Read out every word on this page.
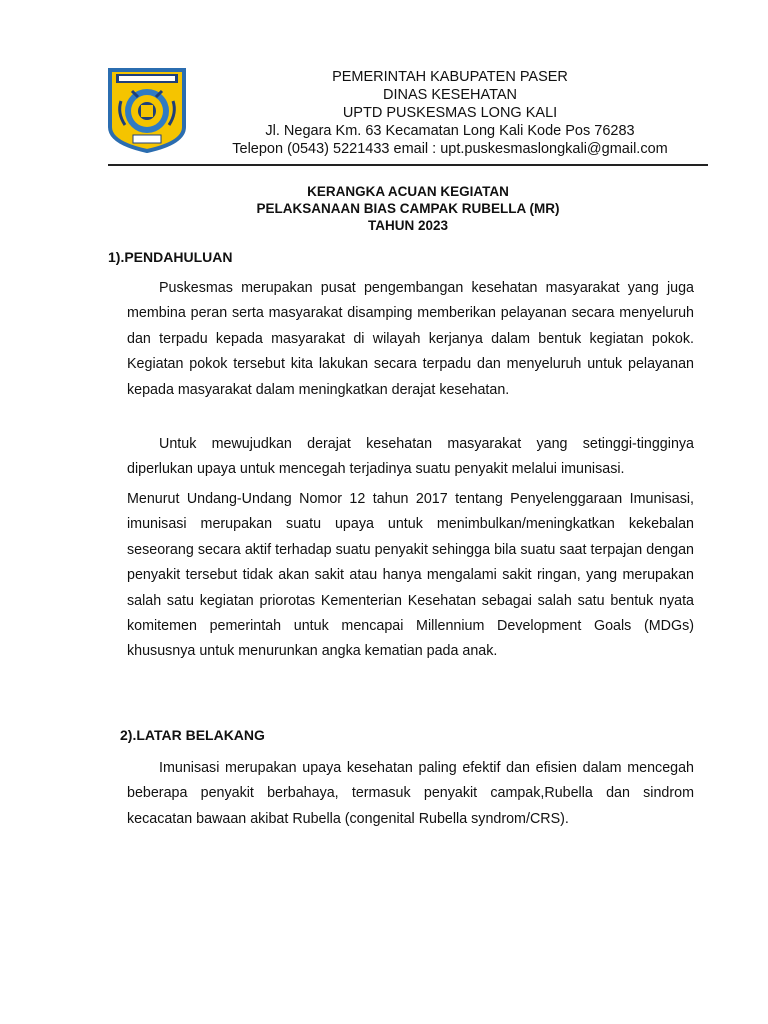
PEMERINTAH KABUPATEN PASER
DINAS KESEHATAN
UPTD PUSKESMAS LONG KALI
Jl. Negara Km. 63 Kecamatan Long Kali Kode Pos 76283
Telepon (0543) 5221433 email : upt.puskesmaslongkali@gmail.com
KERANGKA ACUAN KEGIATAN
PELAKSANAAN BIAS CAMPAK RUBELLA (MR)
TAHUN 2023
1).PENDAHULUAN

Puskesmas merupakan pusat pengembangan kesehatan masyarakat yang juga membina peran serta masyarakat disamping memberikan pelayanan secara menyeluruh dan terpadu kepada masyarakat di wilayah kerjanya dalam bentuk kegiatan pokok. Kegiatan pokok tersebut kita lakukan secara terpadu dan menyeluruh untuk pelayanan kepada masyarakat dalam meningkatkan derajat kesehatan.

Untuk mewujudkan derajat kesehatan masyarakat yang setinggi-tingginya diperlukan upaya untuk mencegah terjadinya suatu penyakit melalui imunisasi.

Menurut Undang-Undang Nomor 12 tahun 2017 tentang Penyelenggaraan Imunisasi, imunisasi merupakan suatu upaya untuk menimbulkan/meningkatkan kekebalan seseorang secara aktif terhadap suatu penyakit sehingga bila suatu saat terpajan dengan penyakit tersebut tidak akan sakit atau hanya mengalami sakit ringan, yang merupakan salah satu kegiatan priorotas Kementerian Kesehatan sebagai salah satu bentuk nyata komitemen pemerintah untuk mencapai Millennium Development Goals (MDGs) khususnya untuk menurunkan angka kematian pada anak.

2).LATAR BELAKANG

Imunisasi merupakan upaya kesehatan paling efektif dan efisien dalam mencegah beberapa penyakit berbahaya, termasuk penyakit campak,Rubella dan sindrom kecacatan bawaan akibat Rubella (congenital Rubella syndrom/CRS).
